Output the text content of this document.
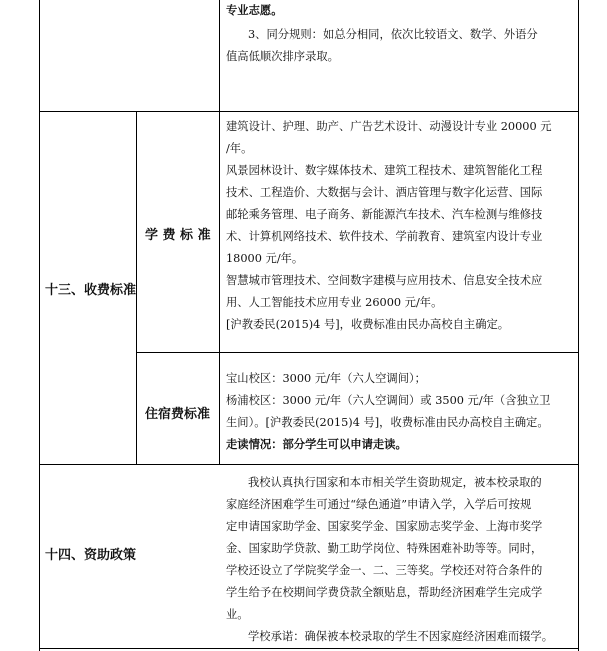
专业志愿。
3、同分规则：如总分相同，依次比较语文、数学、外语分
值高低顺次排序录取。
十三、收费标准
学 费 标 准
建筑设计、护理、助产、广告艺术设计、动漫设计专业 20000 元
/年。
风景园林设计、数字媒体技术、建筑工程技术、建筑智能化工程
技术、工程造价、大数据与会计、酒店管理与数字化运营、国际
邮轮乘务管理、电子商务、新能源汽车技术、汽车检测与维修技
术、计算机网络技术、软件技术、学前教育、建筑室内设计专业
18000 元/年。
智慧城市管理技术、空间数字建模与应用技术、信息安全技术应
用、人工智能技术应用专业 26000 元/年。
[沪教委民(2015)4 号]，收费标准由民办高校自主确定。
住宿费标准
宝山校区：3000 元/年（六人空调间）；
杨浦校区：3000 元/年（六人空调间）或 3500 元/年（含独立卫
生间）。[沪教委民(2015)4 号]，收费标准由民办高校自主确定。
走读情况：部分学生可以申请走读。
十四、资助政策
我校认真执行国家和本市相关学生资助规定，被本校录取的
家庭经济困难学生可通过“绿色通道”申请入学，入学后可按规
定申请国家助学金、国家奖学金、国家励志奖学金、上海市奖学
金、国家助学贷款、勤工助学岗位、特殊困难补助等等。同时，
学校还设立了学院奖学金一、二、三等奖。学校还对符合条件的
学生给予在校期间学费贷款全额贴息，帮助经济困难学生完成学
业。
学校承诺：确保被本校录取的学生不因家庭经济困难而辍学。
